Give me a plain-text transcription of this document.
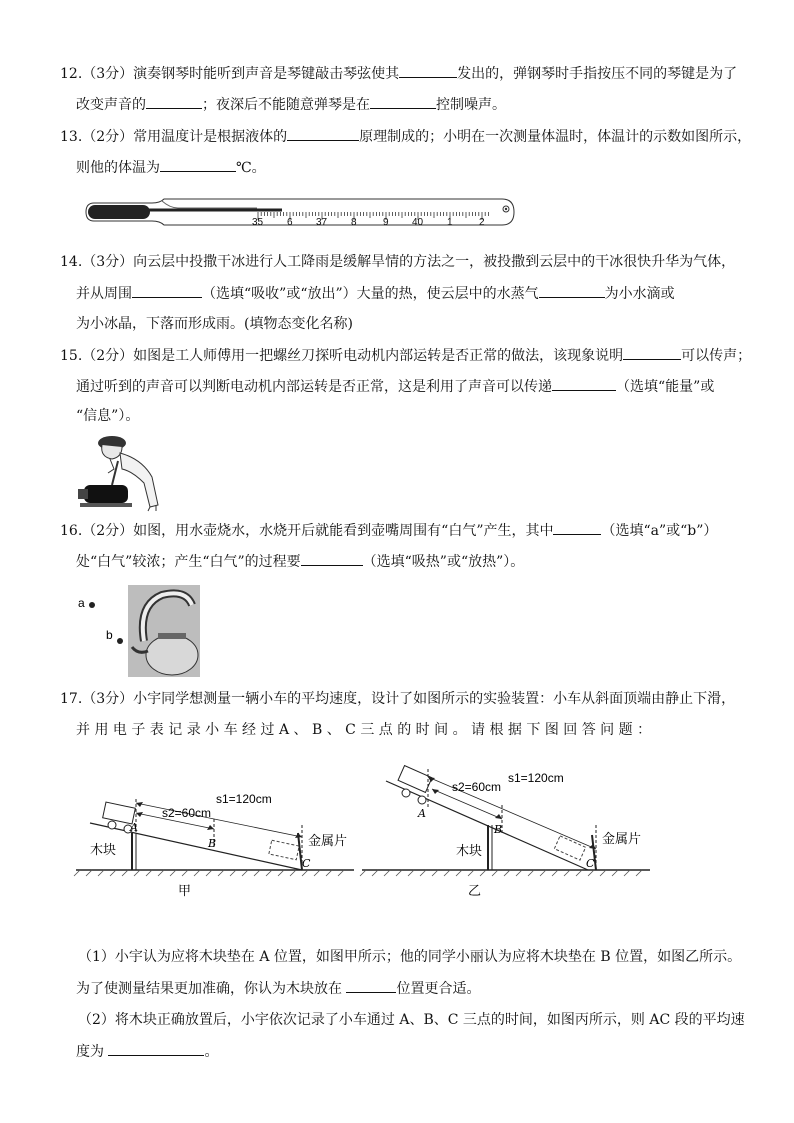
12.（3分）演奏钢琴时能听到声音是琴键敲击琴弦使其	发出的，弹钢琴时手指按压不同的琴键是为了
改变声音的	；夜深后不能随意弹琴是在	控制噪声。
13.（2分）常用温度计是根据液体的	原理制成的；小明在一次测量体温时，体温计的示数如图所示，
则他的体温为	℃。
35 6 37 8	9 40 1	2
14.（3分）向云层中投撒干冰进行人工降雨是缓解旱情的方法之一，被投撒到云层中的干冰很快升华为气体，
并从周围	（选填“吸收”或“放出”）大量的热，使云层中的水蒸气	为小水滴或
为小冰晶，下落而形成雨。(填物态变化名称)
15.（2分）如图是工人师傅用一把螺丝刀探听电动机内部运转是否正常的做法，该现象说明	可以传声；
通过听到的声音可以判断电动机内部运转是否正常，这是利用了声音可以传递	（选填“能量”或
“信息”）。
16.（2分）如图，用水壶烧水，水烧开后就能看到壶嘴周围有“白气”产生，其中	（选填“a”或“b”）
处“白气”较浓；产生“白气”的过程要	（选填“吸热”或“放热”）。
a
b
17.（3分）小宇同学想测量一辆小车的平均速度，设计了如图所示的实验装置：小车从斜面顶端由静止下滑，
并 用 电 子 表 记 录 小 车 经 过 A 、 B 、 C 三 点 的 时 间 。 请 根 据 下 图 回 答 问 题 ：
s1=120cm
s2=60cm
A
B
C
木块
金属片
甲
s1=120cm
s2=60cm
A
B
C
木块
金属片
乙
（1）小宇认为应将木块垫在 A 位置，如图甲所示；他的同学小丽认为应将木块垫在 B 位置，如图乙所示。
为了使测量结果更加准确，你认为木块放在	位置更合适。
（2）将木块正确放置后，小宇依次记录了小车通过 A、B、C 三点的时间，如图丙所示，则 AC 段的平均速
度为	。
